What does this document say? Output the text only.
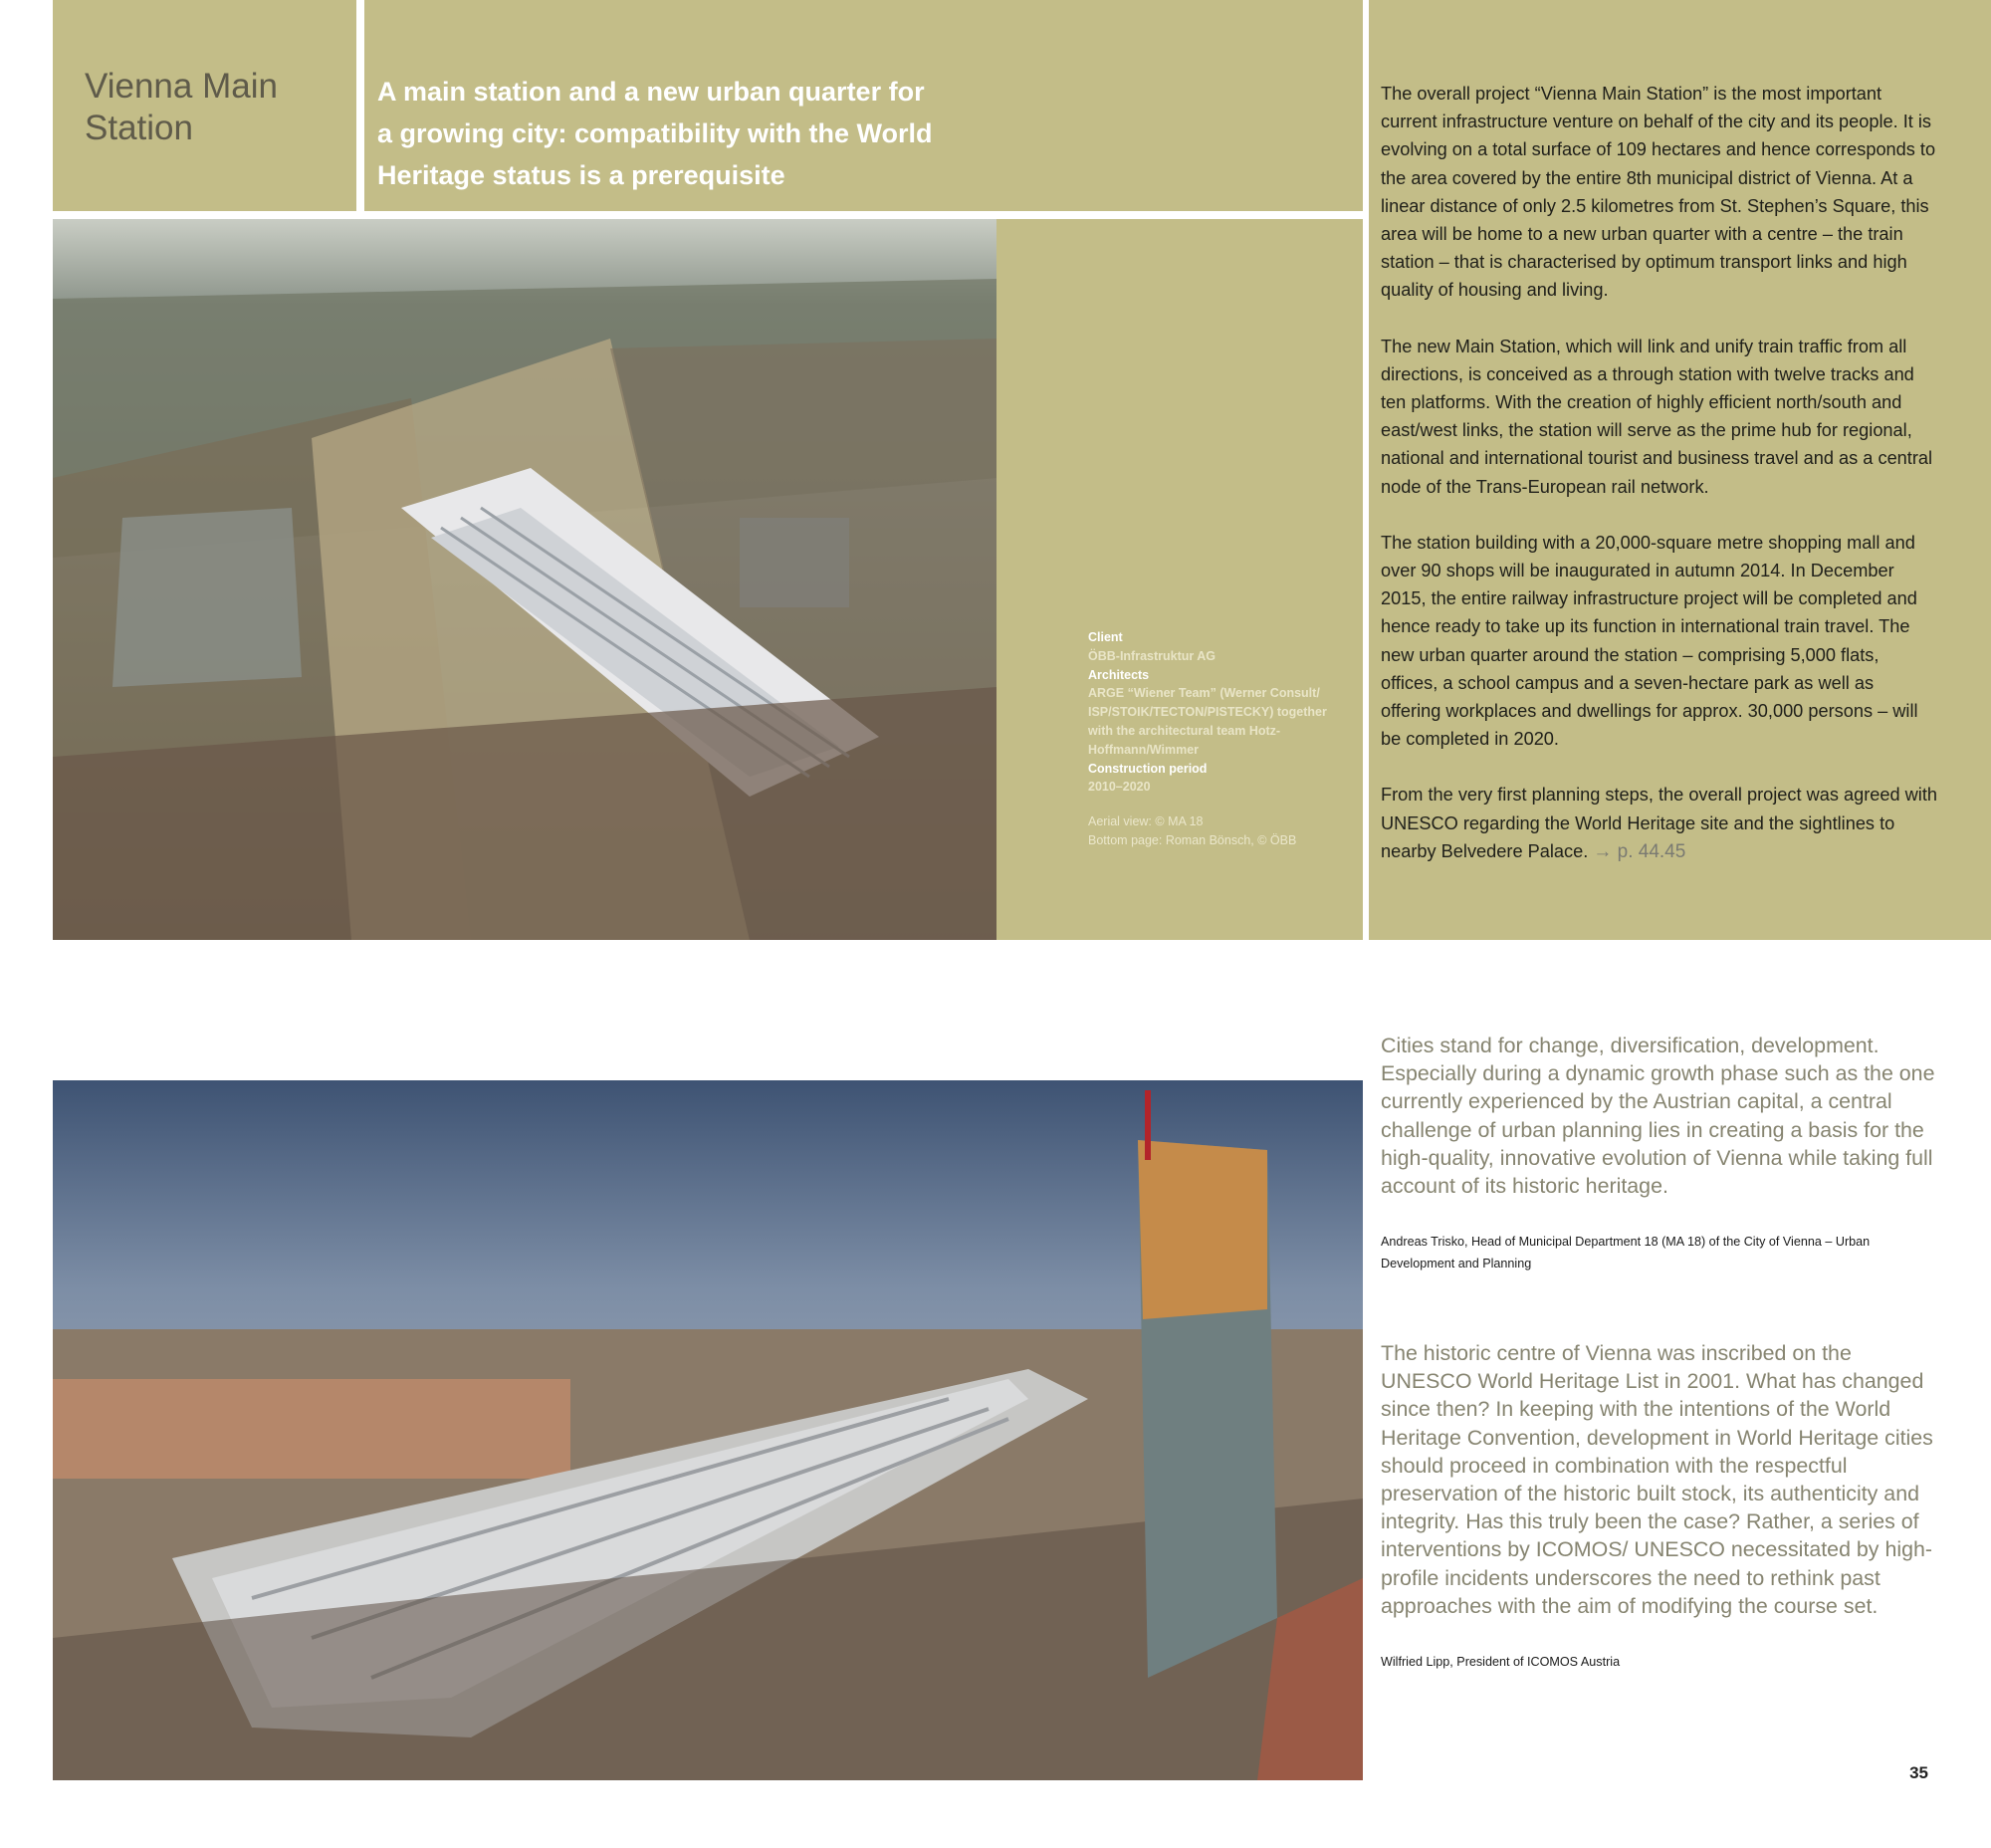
Vienna Main Station
A main station and a new urban quarter for a growing city: compatibility with the World Heritage status is a prerequisite
Client
ÖBB-Infrastruktur AG
Architects
ARGE “Wiener Team” (Werner Consult/ ISP/STOIK/TECTON/PISTECKY) together with the architectural team Hotz-Hoffmann/Wimmer
Construction period
2010–2020
Aerial view: © MA 18
Bottom page: Roman Bönsch, © ÖBB

The overall project “Vienna Main Station” is the most important current infrastructure venture on behalf of the city and its people. It is evolving on a total surface of 109 hectares and hence corresponds to the area covered by the entire 8th municipal district of Vienna. At a linear distance of only 2.5 kilometres from St. Stephen’s Square, this area will be home to a new urban quarter with a centre – the train station – that is characterised by optimum transport links and high quality of housing and living.

The new Main Station, which will link and unify train traffic from all directions, is conceived as a through station with twelve tracks and ten platforms. With the creation of highly efficient north/south and east/west links, the station will serve as the prime hub for regional, national and international tourist and business travel and as a central node of the Trans-European rail network.

The station building with a 20,000-square metre shopping mall and over 90 shops will be inaugurated in autumn 2014. In December 2015, the entire railway infrastructure project will be completed and hence ready to take up its function in international train travel. The new urban quarter around the station – comprising 5,000 flats, offices, a school campus and a seven-hectare park as well as offering workplaces and dwellings for approx. 30,000 persons – will be completed in 2020.

From the very first planning steps, the overall project was agreed with UNESCO regarding the World Heritage site and the sightlines to nearby Belvedere Palace. → p. 44.45

Cities stand for change, diversification, development. Especially during a dynamic growth phase such as the one currently experienced by the Austrian capital, a central challenge of urban planning lies in creating a basis for the high-quality, innovative evolution of Vienna while taking full account of its historic heritage.
Andreas Trisko, Head of Municipal Department 18 (MA 18) of the City of Vienna – Urban Development and Planning
The historic centre of Vienna was inscribed on the UNESCO World Heritage List in 2001. What has changed since then? In keeping with the intentions of the World Heritage Convention, development in World Heritage cities should proceed in combination with the respectful preservation of the historic built stock, its authenticity and integrity. Has this truly been the case? Rather, a series of interventions by ICOMOS/ UNESCO necessitated by high-profile incidents underscores the need to rethink past approaches with the aim of modifying the course set.
Wilfried Lipp, President of ICOMOS Austria
35
